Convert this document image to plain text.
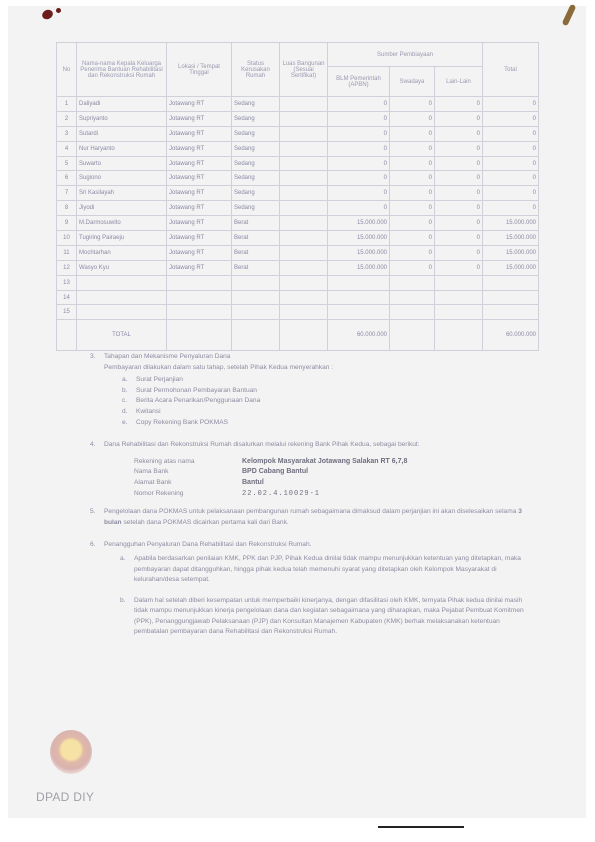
No	Nama-nama Kepala Keluarga Penerima Bantuan Rehabilitasi dan Rekonstruksi Rumah	Lokasi / Tempat Tinggal	Status Kerusakan Rumah	Luas Bangunan (Sesuai Sertifikat)	Sumber Pembiayaan			Total
					BLM Pemerintah (APBN)	Swadaya	Lain-Lain	
1	Daliyadi	Jotawang RT	Sedang		0	0	0	0
2	Supriyanto	Jotawang RT	Sedang		0	0	0	0
3	Sutardi	Jotawang RT	Sedang		0	0	0	0
4	Nur Haryanto	Jotawang RT	Sedang		0	0	0	0
5	Suwarto	Jotawang RT	Sedang		0	0	0	0
6	Sugiono	Jotawang RT	Sedang		0	0	0	0
7	Sri Kasilayah	Jotawang RT	Sedang		0	0	0	0
8	Jiyodi	Jotawang RT	Sedang		0	0	0	0
9	M.Darmosuwito	Jotawang RT	Berat		15.000.000	0	0	15.000.000
10	Tugiring Pairaeju	Jotawang RT	Berat		15.000.000	0	0	15.000.000
11	Mochtarhan	Jotawang RT	Berat		15.000.000	0	0	15.000.000
12	Wasyo Kyu	Jotawang RT	Berat		15.000.000	0	0	15.000.000
13								
14								
15								
	TOTAL				60.000.000			60.000.000
3. Tahapan dan Mekanisme Penyaluran Dana

Pembayaran dilakukan dalam satu tahap, setelah Pihak Kedua menyerahkan :

a. Surat Perjanjian
b. Surat Permohonan Pembayaran Bantuan
c. Berita Acara Penarikan/Penggunaan Dana
d. Kwitansi
e. Copy Rekening Bank POKMAS
4. Dana Rehabilitasi dan Rekonstruksi Rumah disalurkan melalui rekening Bank Pihak Kedua, sebagai berikut:

Rekening atas nama	Kelompok Masyarakat Jotawang Salakan RT 6,7,8
Nama Bank	BPD Cabang Bantul
Alamat Bank	Bantul
Nomor Rekening	22.02.4.10029-1
5. Pengelolaan dana POKMAS untuk pelaksanaan pembangunan rumah sebagaimana dimaksud dalam perjanjian ini akan diselesaikan selama 3 bulan setelah dana POKMAS dicairkan pertama kali dari Bank.

6. Penangguhan Penyaluran Dana Rehabilitasi dan Rekonstruksi Rumah.

a. Apabila berdasarkan penilaian KMK, PPK dan PJP, Pihak Kedua dinilai tidak mampu menunjukkan ketentuan yang ditetapkan, maka pembayaran dapat ditangguhkan, hingga pihak kedua telah memenuhi syarat yang ditetapkan oleh Kelompok Masyarakat di kelurahan/desa setempat.

b. Dalam hal setelah diberi kesempatan untuk memperbaiki kinerjanya, dengan difasilitasi oleh KMK, ternyata Pihak kedua dinilai masih tidak mampu menunjukkan kinerja pengelolaan dana dan kegiatan sebagaimana yang diharapkan, maka Pejabat Pembuat Komitmen (PPK), Penanggungjawab Pelaksanaan (PJP) dan Konsultan Manajemen Kabupaten (KMK) berhak melaksanakan ketentuan pembatalan pembayaran dana Rehabilitasi dan Rekonstruksi Rumah.

DPAD DIY
